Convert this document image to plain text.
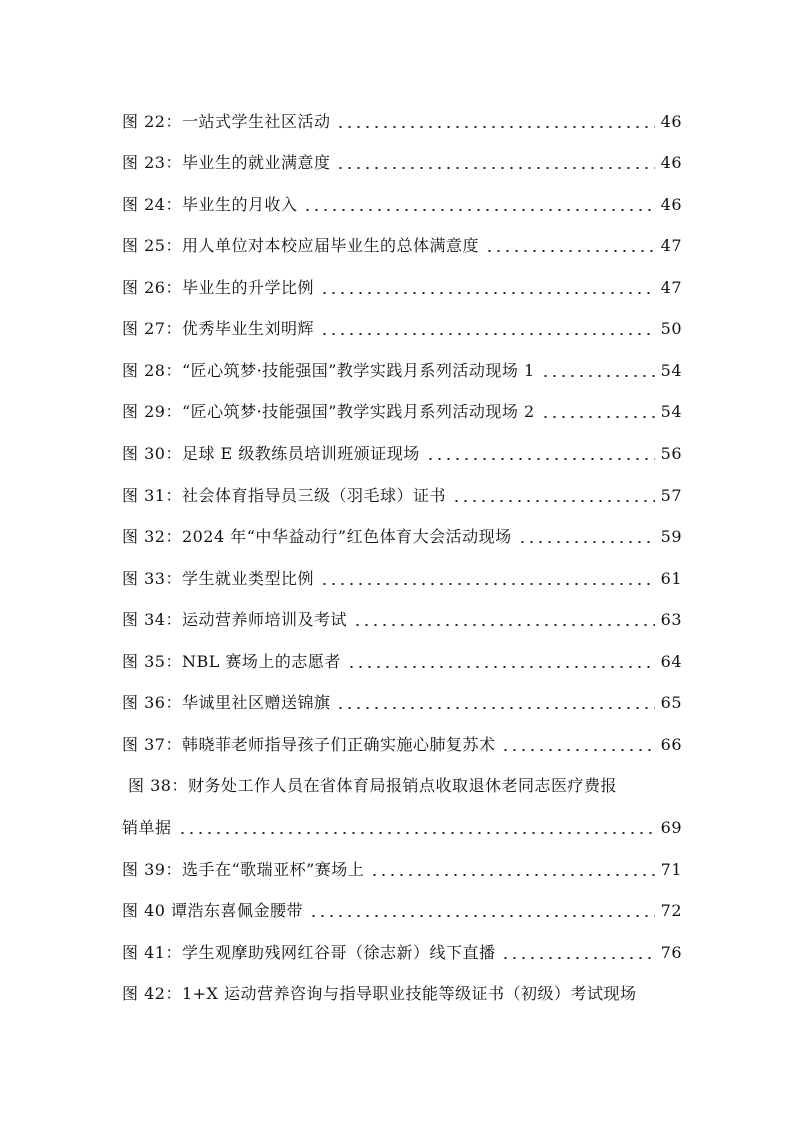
图 22：一站式学生社区活动	46
图 23：毕业生的就业满意度	46
图 24：毕业生的月收入	46
图 25：用人单位对本校应届毕业生的总体满意度	47
图 26：毕业生的升学比例	47
图 27：优秀毕业生刘明辉	50
图 28：“匠心筑梦·技能强国”教学实践月系列活动现场 1	54
图 29：“匠心筑梦·技能强国”教学实践月系列活动现场 2	54
图 30：足球 E 级教练员培训班颁证现场	56
图 31：社会体育指导员三级（羽毛球）证书	57
图 32：2024 年“中华益动行”红色体育大会活动现场	59
图 33：学生就业类型比例	61
图 34：运动营养师培训及考试	63
图 35：NBL 赛场上的志愿者	64
图 36：华诚里社区赠送锦旗	65
图 37：韩晓菲老师指导孩子们正确实施心肺复苏术	66
图 38：财务处工作人员在省体育局报销点收取退休老同志医疗费报
销单据	69
图 39：选手在“歌瑞亚杯”赛场上	71
图 40 谭浩东喜佩金腰带	72
图 41：学生观摩助残网红谷哥（徐志新）线下直播	76
图 42：1+X 运动营养咨询与指导职业技能等级证书（初级）考试现场
